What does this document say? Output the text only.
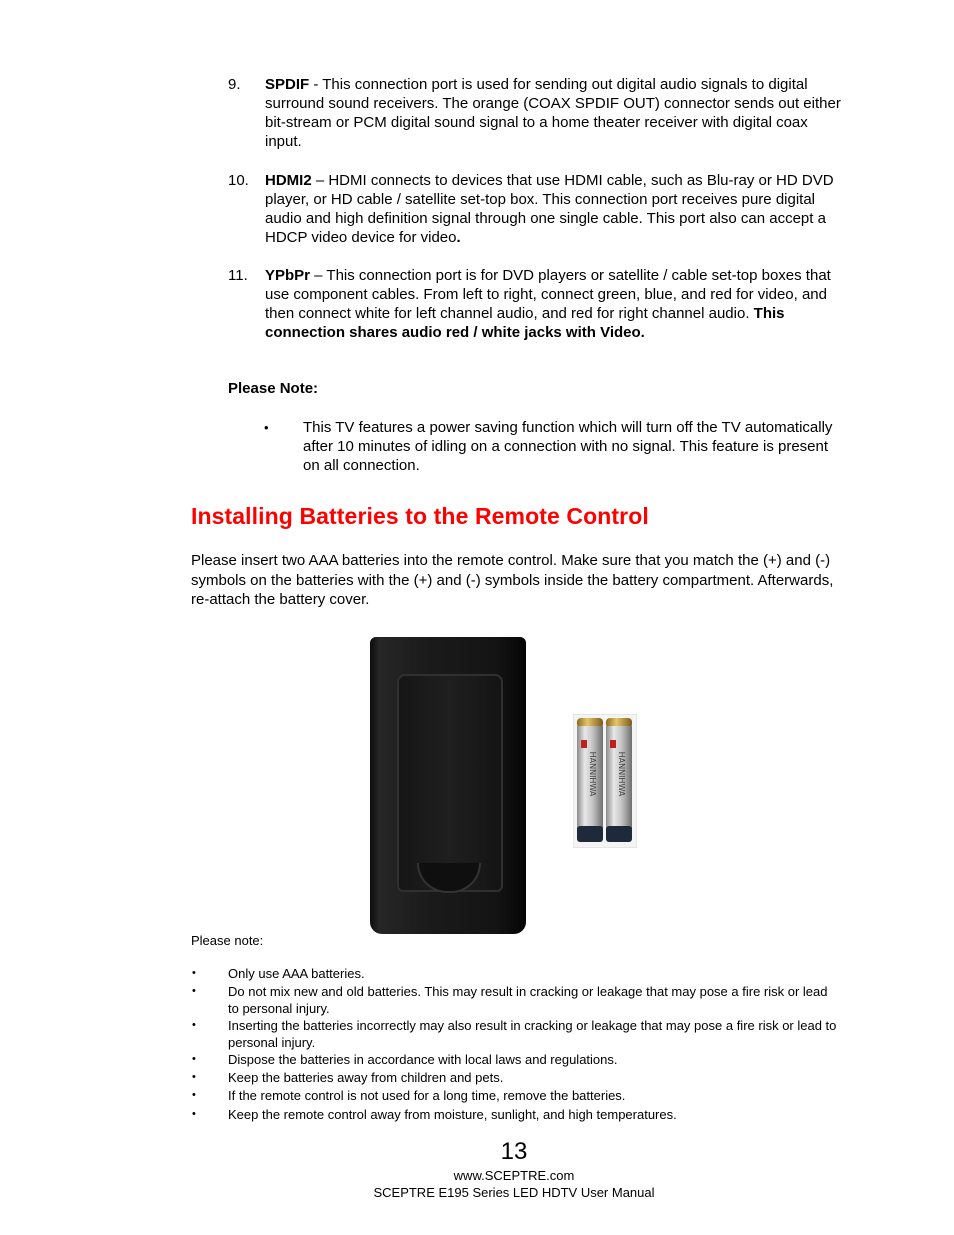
9. SPDIF - This connection port is used for sending out digital audio signals to digital surround sound receivers. The orange (COAX SPDIF OUT) connector sends out either bit-stream or PCM digital sound signal to a home theater receiver with digital coax input.
10. HDMI2 – HDMI connects to devices that use HDMI cable, such as Blu-ray or HD DVD player, or HD cable / satellite set-top box. This connection port receives pure digital audio and high definition signal through one single cable. This port also can accept a HDCP video device for video.
11. YPbPr – This connection port is for DVD players or satellite / cable set-top boxes that use component cables. From left to right, connect green, blue, and red for video, and then connect white for left channel audio, and red for right channel audio. This connection shares audio red / white jacks with Video.
Please Note:
• This TV features a power saving function which will turn off the TV automatically after 10 minutes of idling on a connection with no signal. This feature is present on all connection.
Installing Batteries to the Remote Control
Please insert two AAA batteries into the remote control. Make sure that you match the (+) and (-) symbols on the batteries with the (+) and (-) symbols inside the battery compartment. Afterwards, re-attach the battery cover.
HANNIHWA	HANNIHWA
Please note:
• Only use AAA batteries.
• Do not mix new and old batteries. This may result in cracking or leakage that may pose a fire risk or lead to personal injury.
• Inserting the batteries incorrectly may also result in cracking or leakage that may pose a fire risk or lead to personal injury.
• Dispose the batteries in accordance with local laws and regulations.
• Keep the batteries away from children and pets.
• If the remote control is not used for a long time, remove the batteries.
• Keep the remote control away from moisture, sunlight, and high temperatures.
13
www.SCEPTRE.com
SCEPTRE E195 Series LED HDTV User Manual
